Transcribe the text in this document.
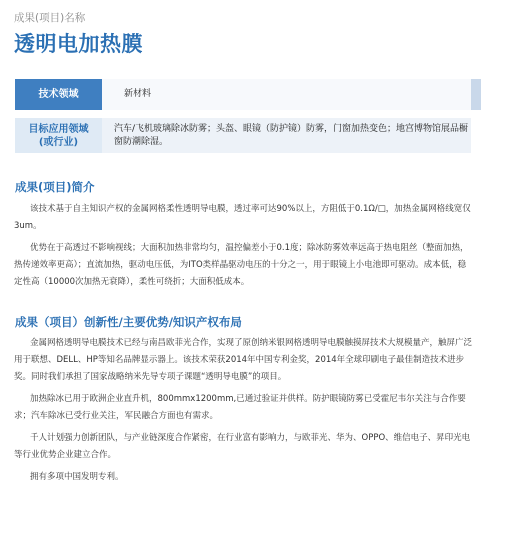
成果(项目)名称
透明电加热膜
技术领域	新材料
目标应用领域
(或行业)
汽车/飞机玻璃除冰防雾；头盔、眼镜（防护镜）防雾，门窗加热变色；地宫博物馆展品橱窗防潮除湿。
成果(项目)简介

该技术基于自主知识产权的金属网格柔性透明导电膜，透过率可达90%以上，方阻低于0.1Ω/□，加热金属网格线宽仅3um。

优势在于高透过不影响视线；大面积加热非常均匀，温控偏差小于0.1度；除冰防雾效率远高于热电阻丝（整面加热，热传递效率更高）；直流加热，驱动电压低，为ITO类样晶驱动电压的十分之一，用于眼镜上小电池即可驱动。成本低，稳定性高（10000次加热无衰降），柔性可绕折；大面积低成本。

成果（项目）创新性/主要优势/知识产权布局

金属网格透明导电膜技术已经与南昌欧菲光合作，实现了原创纳米银网格透明导电膜触摸屏技术大规模量产，触屏广泛用于联想、DELL、HP等知名品牌显示器上。该技术荣获2014年中国专利金奖，2014年全球印刷电子最佳制造技术进步奖。同时我们承担了国家战略纳米先导专项子课题“透明导电膜”的项目。

加热除冰已用于欧洲企业直升机，800mmx1200mm,已通过验证并供样。防护眼镜防雾已受霍尼韦尔关注与合作要求；汽车除冰已受行业关注，军民融合方面也有需求。

千人计划强力创新团队，与产业链深度合作紧密，在行业富有影响力，与欧菲光、华为、OPPO、维信电子、昇印光电等行业优势企业建立合作。

拥有多项中国发明专利。
